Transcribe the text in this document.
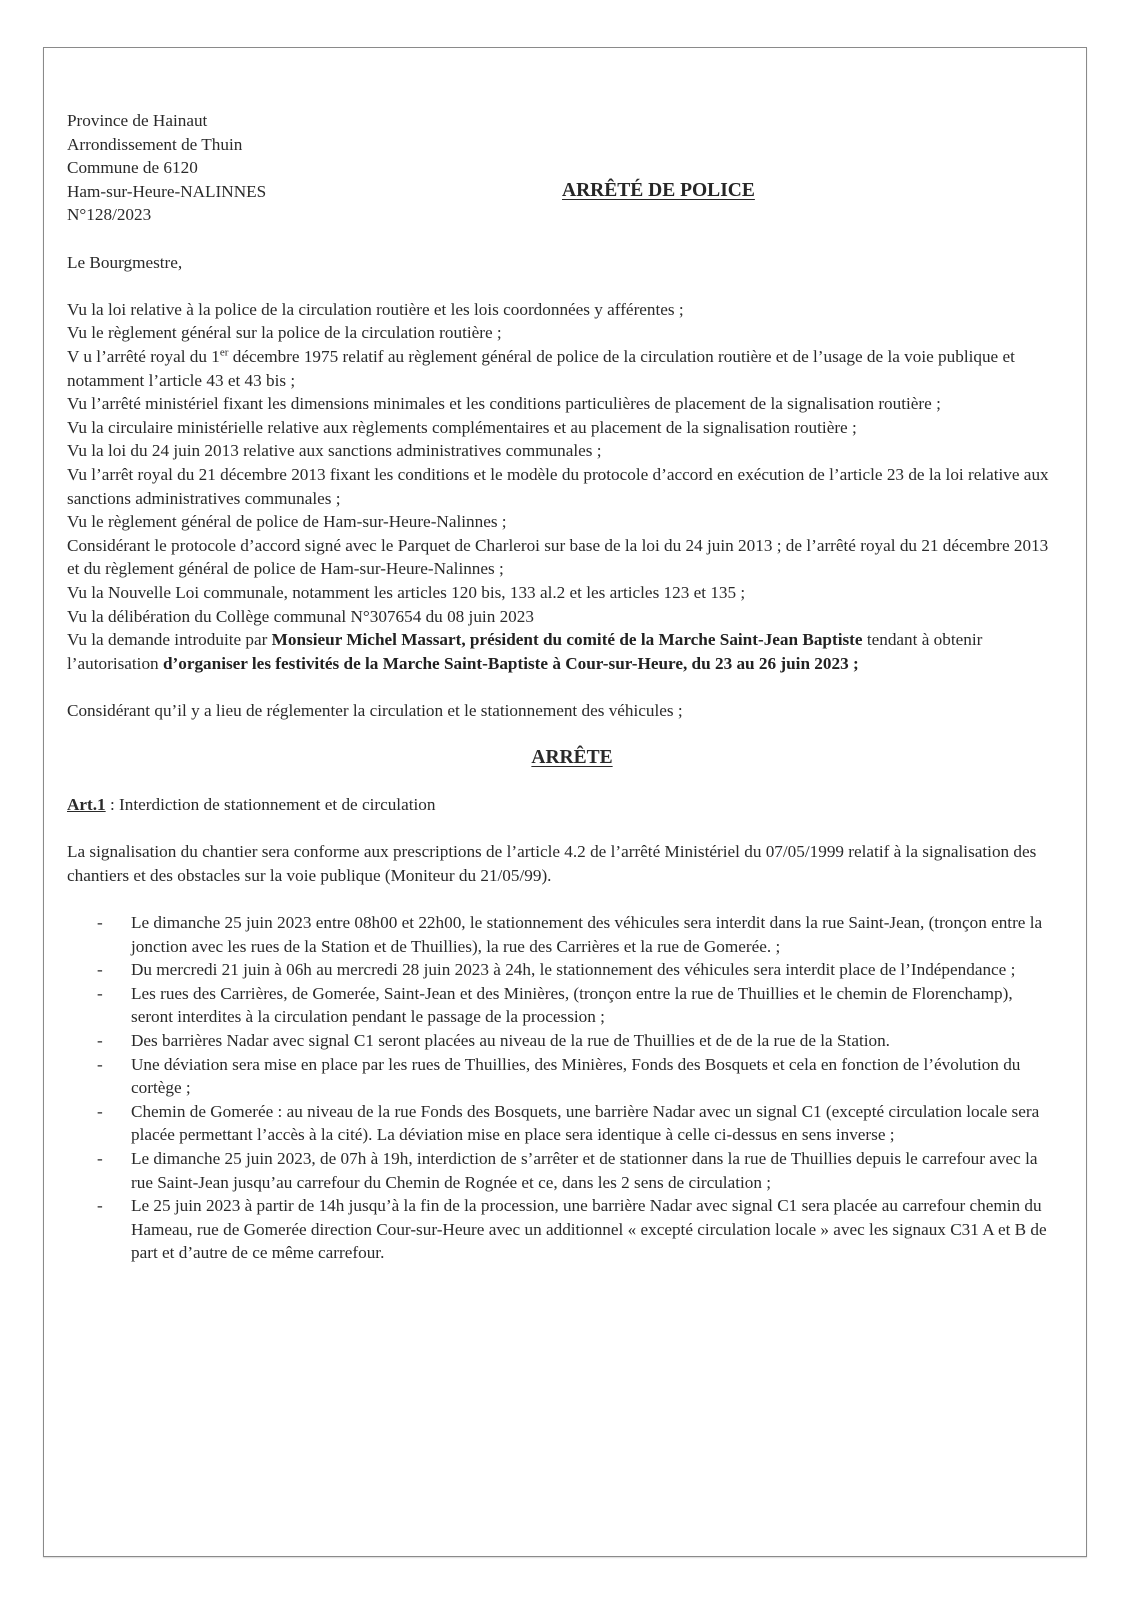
Province de Hainaut
Arrondissement de Thuin
Commune de 6120
Ham-sur-Heure-NALINNES
N°128/2023
ARRÊTÉ DE POLICE

Le Bourgmestre,

Vu la loi relative à la police de la circulation routière et les lois coordonnées y afférentes ;

Vu le règlement général sur la police de la circulation routière ;

V u l’arrêté royal du 1er décembre 1975 relatif au règlement général de police de la circulation routière et de l’usage de la voie publique et notamment l’article 43 et 43 bis ;

Vu l’arrêté ministériel fixant les dimensions minimales et les conditions particulières de placement de la signalisation routière ;

Vu la circulaire ministérielle relative aux règlements complémentaires et au placement de la signalisation routière ;

Vu la loi du 24 juin 2013 relative aux sanctions administratives communales ;

Vu l’arrêt royal du 21 décembre 2013 fixant les conditions et le modèle du protocole d’accord en exécution de l’article 23 de la loi relative aux sanctions administratives communales ;

Vu le règlement général de police de Ham-sur-Heure-Nalinnes ;

Considérant le protocole d’accord signé avec le Parquet de Charleroi sur base de la loi du 24 juin 2013 ; de l’arrêté royal du 21 décembre 2013 et du règlement général de police de Ham-sur-Heure-Nalinnes ;

Vu la Nouvelle Loi communale, notamment les articles 120 bis, 133 al.2 et les articles 123 et 135 ;

Vu la délibération du Collège communal N°307654 du 08 juin 2023

Vu la demande introduite par Monsieur Michel Massart, président du comité de la Marche Saint-Jean Baptiste tendant à obtenir l’autorisation d’organiser les festivités de la Marche Saint-Baptiste à Cour-sur-Heure, du 23 au 26 juin 2023 ;

Considérant qu’il y a lieu de réglementer la circulation et le stationnement des véhicules ;

ARRÊTE

Art.1 : Interdiction de stationnement et de circulation

La signalisation du chantier sera conforme aux prescriptions de l’article 4.2 de l’arrêté Ministériel du 07/05/1999 relatif à la signalisation des chantiers et des obstacles sur la voie publique (Moniteur du 21/05/99).

- Le dimanche 25 juin 2023 entre 08h00 et 22h00, le stationnement des véhicules sera interdit dans la rue Saint-Jean, (tronçon entre la jonction avec les rues de la Station et de Thuillies), la rue des Carrières et la rue de Gomerée. ;
- Du mercredi 21 juin à 06h au mercredi 28 juin 2023 à 24h, le stationnement des véhicules sera interdit place de l’Indépendance ;
- Les rues des Carrières, de Gomerée, Saint-Jean et des Minières, (tronçon entre la rue de Thuillies et le chemin de Florenchamp), seront interdites à la circulation pendant le passage de la procession ;
- Des barrières Nadar avec signal C1 seront placées au niveau de la rue de Thuillies et de de la rue de la Station.
- Une déviation sera mise en place par les rues de Thuillies, des Minières, Fonds des Bosquets et cela en fonction de l’évolution du cortège ;
- Chemin de Gomerée : au niveau de la rue Fonds des Bosquets, une barrière Nadar avec un signal C1 (excepté circulation locale sera placée permettant l’accès à la cité). La déviation mise en place sera identique à celle ci-dessus en sens inverse ;
- Le dimanche 25 juin 2023, de 07h à 19h, interdiction de s’arrêter et de stationner dans la rue de Thuillies depuis le carrefour avec la rue Saint-Jean jusqu’au carrefour du Chemin de Rognée et ce, dans les 2 sens de circulation ;
- Le 25 juin 2023 à partir de 14h jusqu’à la fin de la procession, une barrière Nadar avec signal C1 sera placée au carrefour chemin du Hameau, rue de Gomerée direction Cour-sur-Heure avec un additionnel « excepté circulation locale » avec les signaux C31 A et B de part et d’autre de ce même carrefour.
